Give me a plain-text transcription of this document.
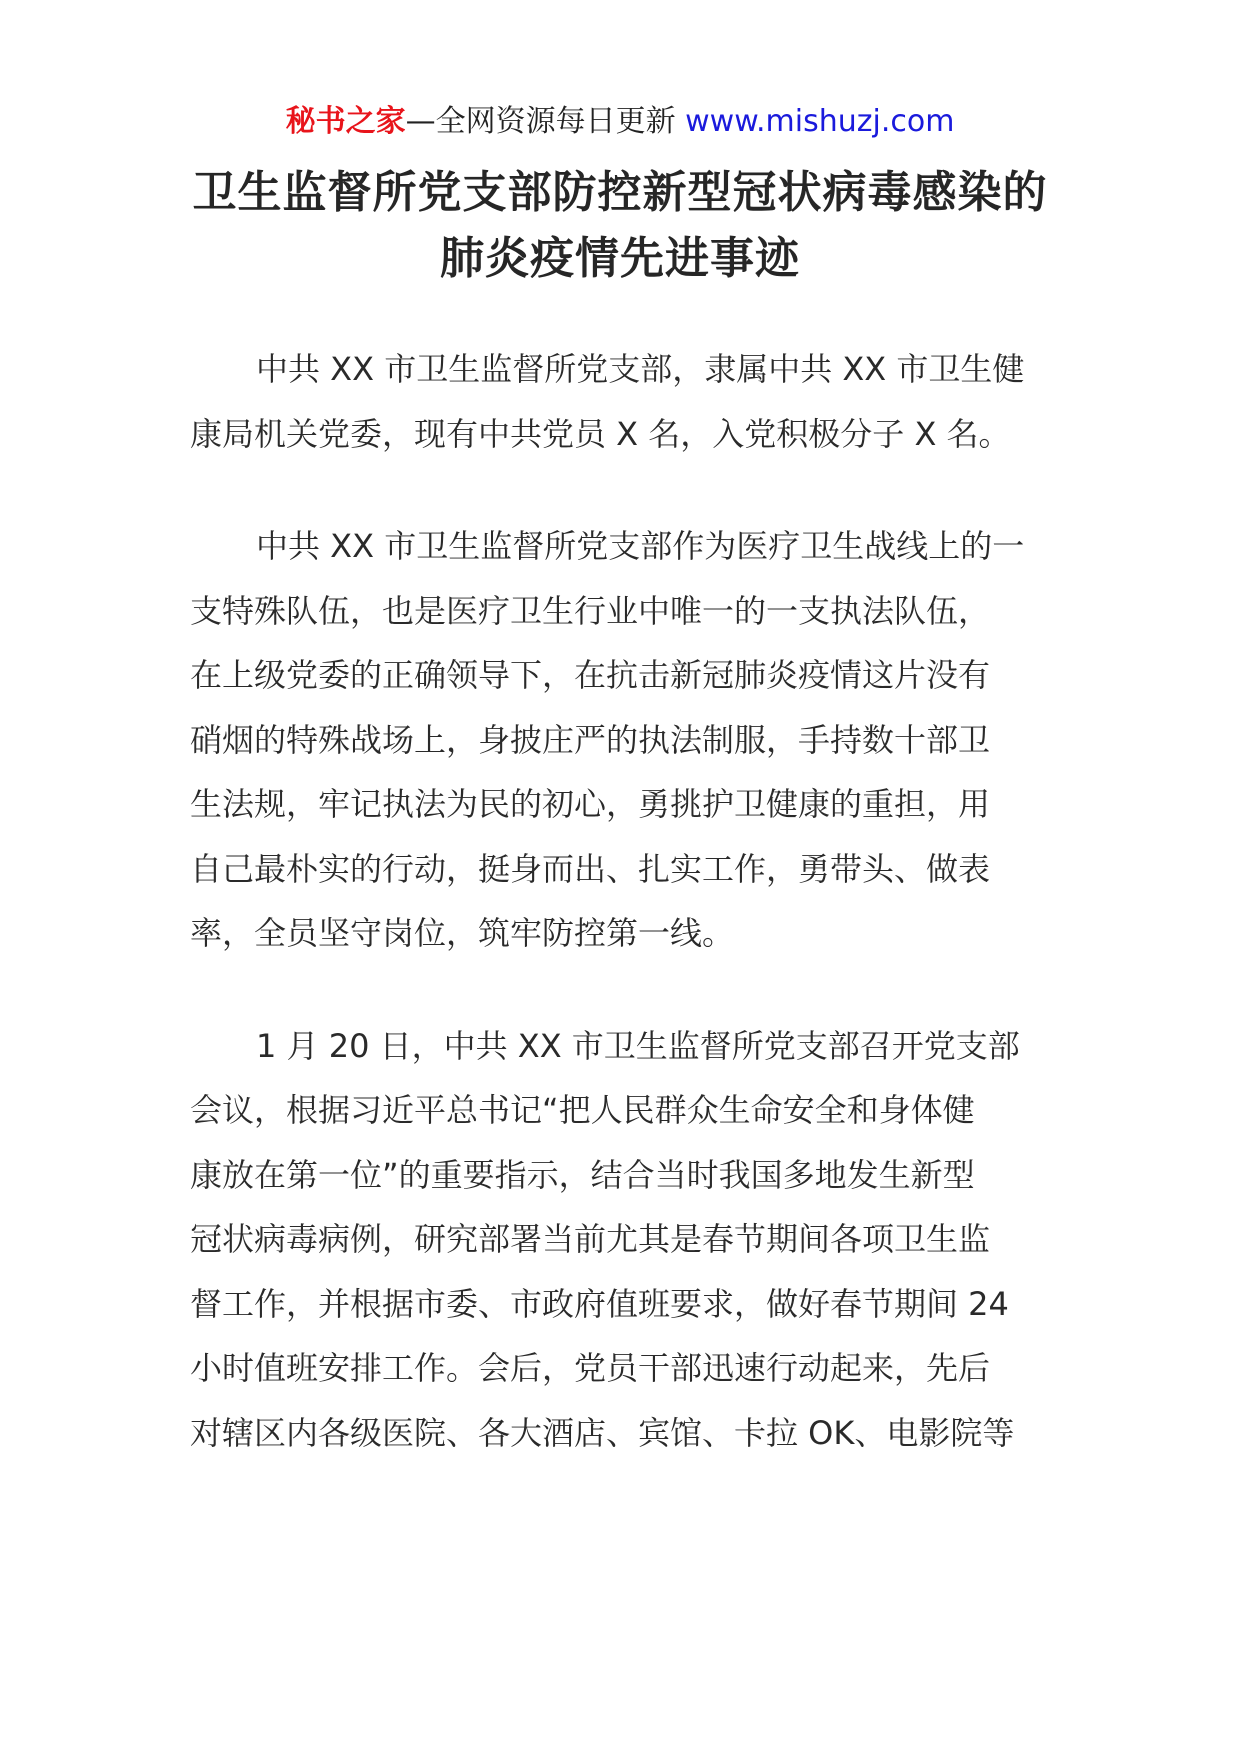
秘书之家—全网资源每日更新 www.mishuzj.com
卫生监督所党支部防控新型冠状病毒感染的
肺炎疫情先进事迹
中共 XX 市卫生监督所党支部，隶属中共 XX 市卫生健
康局机关党委，现有中共党员 X 名，入党积极分子 X 名。
中共 XX 市卫生监督所党支部作为医疗卫生战线上的一
支特殊队伍，也是医疗卫生行业中唯一的一支执法队伍，
在上级党委的正确领导下，在抗击新冠肺炎疫情这片没有
硝烟的特殊战场上，身披庄严的执法制服，手持数十部卫
生法规，牢记执法为民的初心，勇挑护卫健康的重担，用
自己最朴实的行动，挺身而出、扎实工作，勇带头、做表
率，全员坚守岗位，筑牢防控第一线。
1 月 20 日，中共 XX 市卫生监督所党支部召开党支部
会议，根据习近平总书记“把人民群众生命安全和身体健
康放在第一位”的重要指示，结合当时我国多地发生新型
冠状病毒病例，研究部署当前尤其是春节期间各项卫生监
督工作，并根据市委、市政府值班要求，做好春节期间 24
小时值班安排工作。会后，党员干部迅速行动起来，先后
对辖区内各级医院、各大酒店、宾馆、卡拉 OK、电影院等
